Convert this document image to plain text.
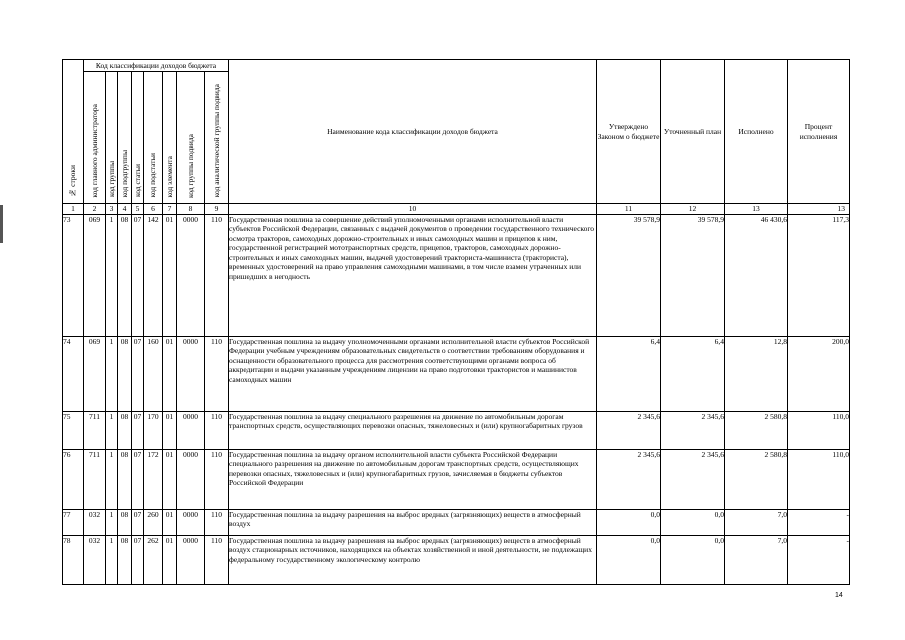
№ строки	Код классификации доходов бюджета								Наименование кода классификации доходов бюджета	Утверждено Законом о бюджете	Уточненный план	Исполнено	Процент исполнения
	код главного администратора	код группы	код подгруппы	код статьи	код подстатьи	код элемента	код группы подвида	код аналитической группы подвида					
1	2	3	4	5	6	7	8	9	10	11	12	13	13
73	069	1	08	07	142	01	0000	110	Государственная пошлина за совершение действий уполномоченными органами исполнительной власти субъектов Российской Федерации, связанных с выдачей документов о проведении государственного технического осмотра тракторов, самоходных дорожно-строительных и иных самоходных машин и прицепов к ним, государственной регистрацией мототранспортных средств, прицепов, тракторов, самоходных дорожно-строительных и иных самоходных машин, выдачей удостоверений тракториста-машиниста (тракториста), временных удостоверений на право управления самоходными машинами, в том числе взамен утраченных или пришедших в негодность	39 578,9	39 578,9	46 430,6	117,3
74	069	1	08	07	160	01	0000	110	Государственная пошлина за выдачу уполномоченными органами исполнительной власти субъектов Российской Федерации учебным учреждениям образовательных свидетельств о соответствии требованиям оборудования и оснащенности образовательного процесса для рассмотрения соответствующими органами вопроса об аккредитации и выдачи указанным учреждениям лицензии на право подготовки трактористов и машинистов самоходных машин	6,4	6,4	12,8	200,0
75	711	1	08	07	170	01	0000	110	Государственная пошлина за выдачу специального разрешения на движение по автомобильным дорогам транспортных средств, осуществляющих перевозки опасных, тяжеловесных и (или) крупногабаритных грузов	2 345,6	2 345,6	2 580,8	110,0
76	711	1	08	07	172	01	0000	110	Государственная пошлина за выдачу органом исполнительной власти субъекта Российской Федерации специального разрешения на движение по автомобильным дорогам транспортных средств, осуществляющих перевозки опасных, тяжеловесных и (или) крупногабаритных грузов, зачисляемая в бюджеты субъектов Российской Федерации	2 345,6	2 345,6	2 580,8	110,0
77	032	1	08	07	260	01	0000	110	Государственная пошлина за выдачу разрешения на выброс вредных (загрязняющих) веществ в атмосферный воздух	0,0	0,0	7,0	-
78	032	1	08	07	262	01	0000	110	Государственная пошлина за выдачу разрешения на выброс вредных (загрязняющих) веществ в атмосферный воздух стационарных источников, находящихся на объектах хозяйственной и иной деятельности, не подлежащих федеральному государственному экологическому контролю	0,0	0,0	7,0	-
14
